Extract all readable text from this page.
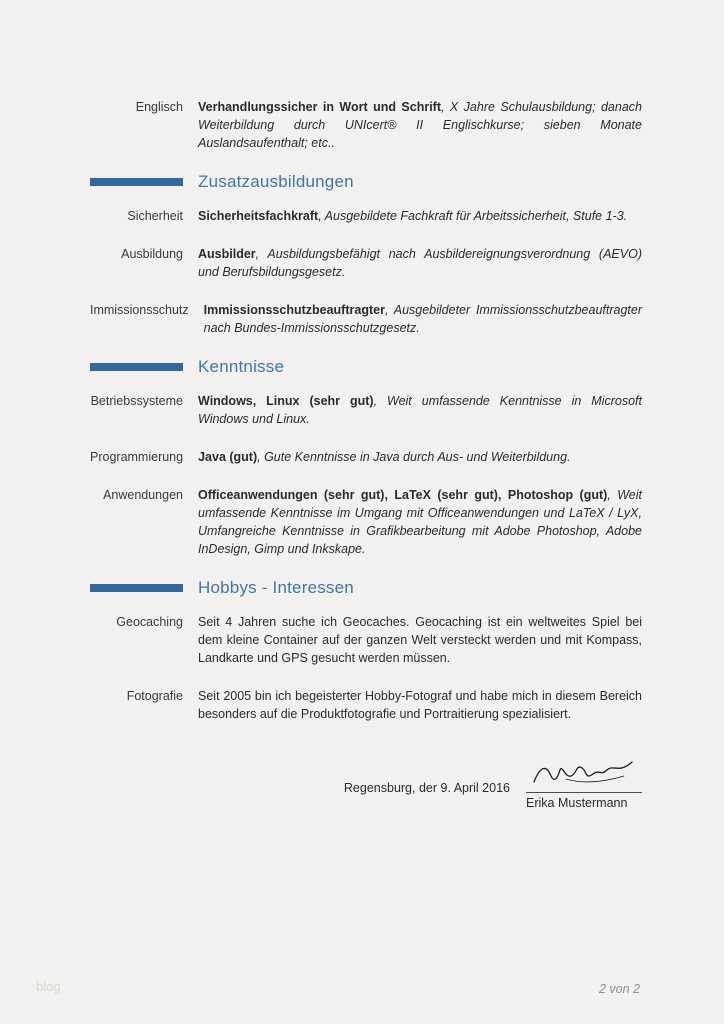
Englisch Verhandlungssicher in Wort und Schrift, X Jahre Schulausbildung; danach Weiterbildung durch UNIcert® II Englischkurse; sieben Monate Auslandsaufenthalt; etc..

Zusatzausbildungen
Sicherheit Sicherheitsfachkraft, Ausgebildete Fachkraft für Arbeitssicherheit, Stufe 1-3.

Ausbildung Ausbilder, Ausbildungsbefähigt nach Ausbildereignungsverordnung (AEVO) und Berufsbildungsgesetz.

Immissionsschutz Immissionsschutzbeauftragter, Ausgebildeter Immissionsschutzbeauftragter nach Bundes-Immissionsschutzgesetz.

Kenntnisse
Betriebssysteme Windows, Linux (sehr gut), Weit umfassende Kenntnisse in Microsoft Windows und Linux.

Programmierung Java (gut), Gute Kenntnisse in Java durch Aus- und Weiterbildung.

Anwendungen Officeanwendungen (sehr gut), LaTeX (sehr gut), Photoshop (gut), Weit umfassende Kenntnisse im Umgang mit Officeanwendungen und LaTeX / LyX, Umfangreiche Kenntnisse in Grafikbearbeitung mit Adobe Photoshop, Adobe InDesign, Gimp und Inkskape.

Hobbys - Interessen
Geocaching Seit 4 Jahren suche ich Geocaches. Geocaching ist ein weltweites Spiel bei dem kleine Container auf der ganzen Welt versteckt werden und mit Kompass, Landkarte und GPS gesucht werden müssen.

Fotografie Seit 2005 bin ich begeisterter Hobby-Fotograf und habe mich in diesem Bereich besonders auf die Produktfotografie und Portraitierung spezialisiert.

Regensburg, der 9. April 2016
Erika Mustermann
blog	2 von 2
